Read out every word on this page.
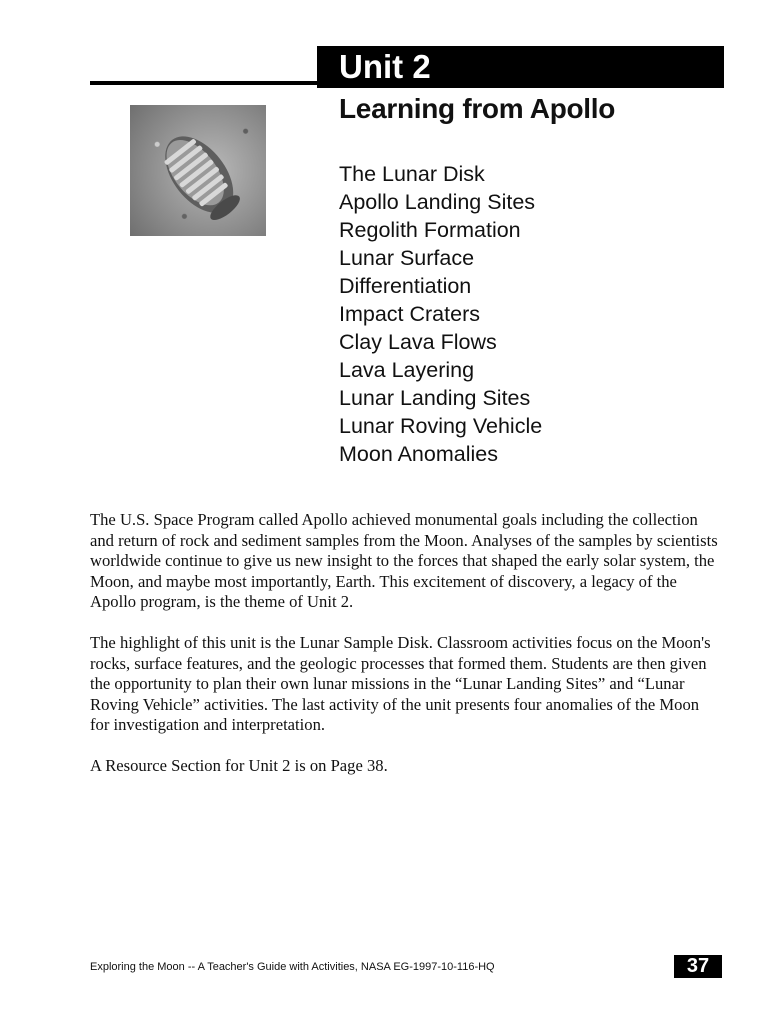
Unit 2
Learning from Apollo
The Lunar Disk
Apollo Landing Sites
Regolith Formation
Lunar Surface
Differentiation
Impact Craters
Clay Lava Flows
Lava Layering
Lunar Landing Sites
Lunar Roving Vehicle
Moon Anomalies

The U.S. Space Program called Apollo achieved monumental goals including the collection and return of rock and sediment samples from the Moon. Analyses of the samples by scientists worldwide continue to give us new insight to the forces that shaped the early solar system, the Moon, and maybe most importantly, Earth. This excitement of discovery, a legacy of the Apollo program, is the theme of Unit 2.

The highlight of this unit is the Lunar Sample Disk. Classroom activities focus on the Moon's rocks, surface features, and the geologic processes that formed them. Students are then given the opportunity to plan their own lunar missions in the “Lunar Landing Sites” and “Lunar Roving Vehicle” activities. The last activity of the unit presents four anomalies of the Moon for investigation and interpretation.

A Resource Section for Unit 2 is on Page 38.

Exploring the Moon -- A Teacher's Guide with Activities, NASA EG-1997-10-116-HQ	37
